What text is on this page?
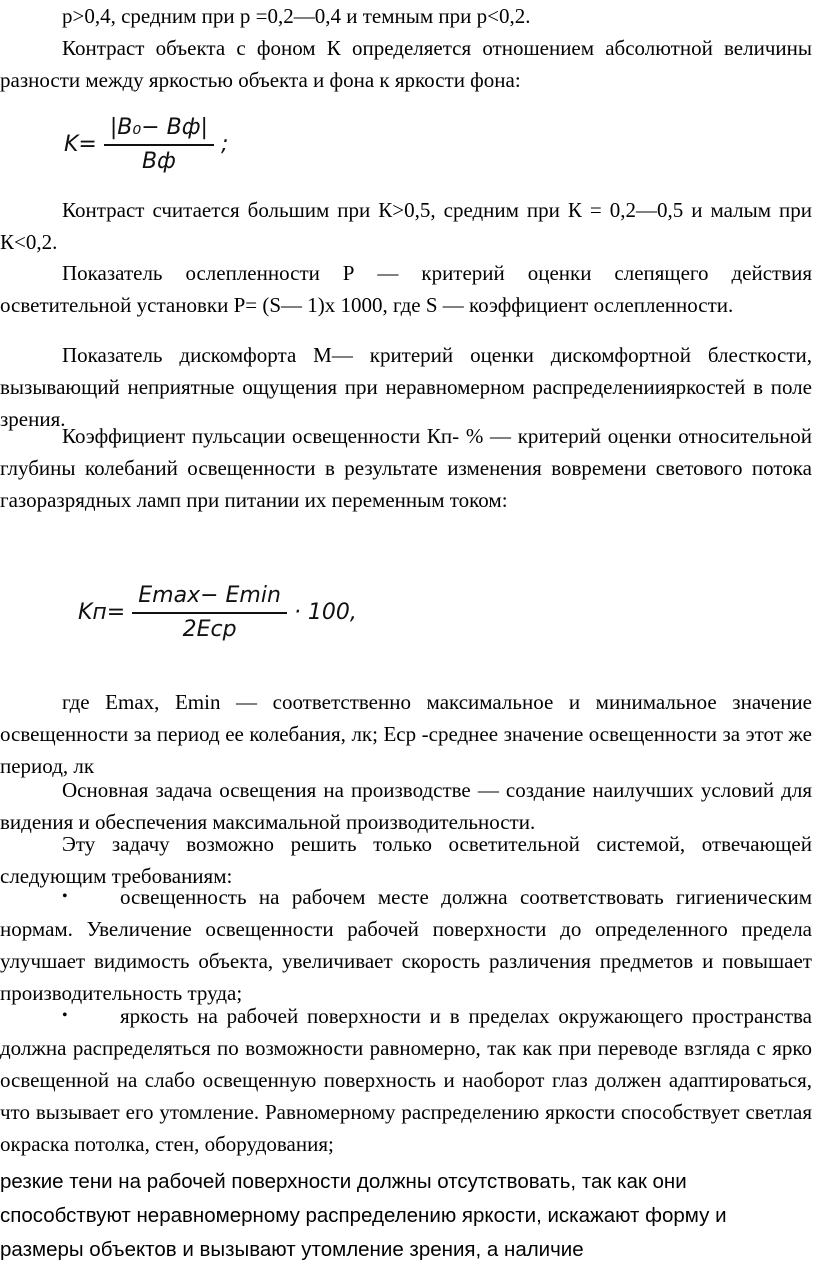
р>0,4, средним при р =0,2—0,4 и темным при р<0,2.

Контраст объекта с фоном К определяется отношением абсолютной величины разности между яркостью объекта и фона к яркости фона:

$K= \frac{\text{|B₀− Bф|}}{Bф}$ ;

Контраст считается большим при К>0,5, средним при К = 0,2—0,5 и малым при К<0,2.

Показатель ослепленности Р — критерий оценки слепящего действия осветительной установки Р= (S— 1)х 1000, где S — коэффициент ослепленности.

Показатель дискомфорта М— критерий оценки дискомфортной блесткости, вызывающий неприятные ощущения при неравномерном распределениияркостей в поле зрения.

Коэффициент пульсации освещенности Кп- % — критерий оценки относительной глубины колебаний освещенности в результате изменения вовремени светового потока газоразрядных ламп при питании их переменным током:

$Kп= \frac{Emax- Emin}{\text{2Eср}} \cdot 100$,

где Emax, Emin — соответственно максимальное и минимальное значение освещенности за период ее колебания, лк; Еср -среднее значение освещенности за этот же период, лк

Основная задача освещения на производстве — создание наилучших условий для видения и обеспечения максимальной производительности.

Эту задачу возможно решить только осветительной системой, отвечающей следующим требованиям:

•	освещенность на рабочем месте должна соответствовать гигиеническим нормам. Увеличение освещенности рабочей поверхности до определенного предела улучшает видимость объекта, увеличивает скорость различения предметов и повышает производительность труда;

•	яркость на рабочей поверхности и в пределах окружающего пространства должна распределяться по возможности равномерно, так как при переводе взгляда с ярко освещенной на слабо освещенную поверхность и наоборот глаз должен адаптироваться, что вызывает его утомление. Равномерному распределению яркости способствует светлая окраска потолка, стен, оборудования;

резкие тени на рабочей поверхности должны отсутствовать, так как они способствуют неравномерному распределению яркости, искажают форму и размеры объектов и вызывают утомление зрения, а наличие
